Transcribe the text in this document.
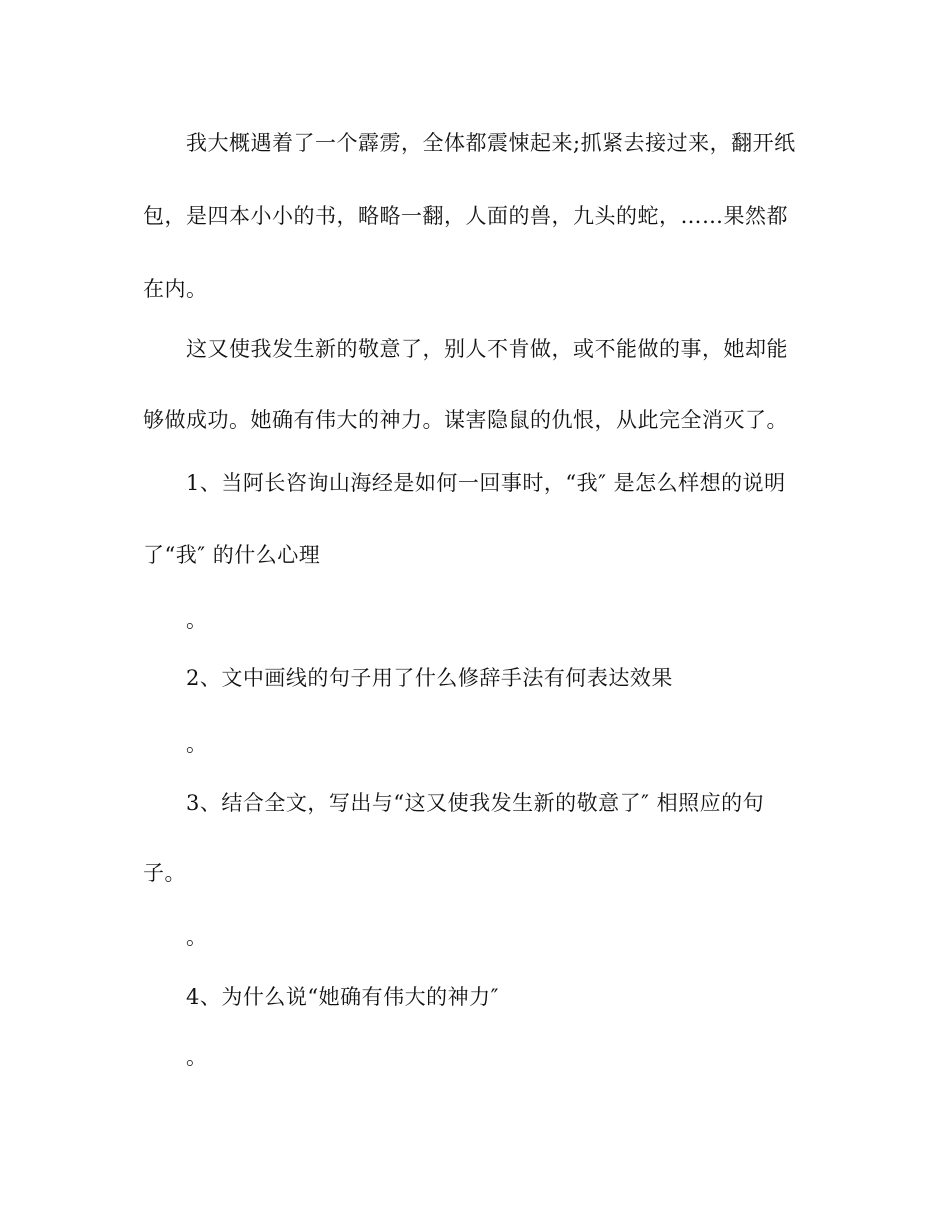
我大概遇着了一个霹雳，全体都震悚起来;抓紧去接过来，翻开纸
包，是四本小小的书，略略一翻，人面的兽，九头的蛇，……果然都
在内。
这又使我发生新的敬意了，别人不肯做，或不能做的事，她却能
够做成功。她确有伟大的神力。谋害隐鼠的仇恨，从此完全消灭了。
1、当阿长咨询山海经是如何一回事时，“我″ 是怎么样想的说明
了“我″ 的什么心理
。
2、文中画线的句子用了什么修辞手法有何表达效果
。
3、结合全文，写出与“这又使我发生新的敬意了″ 相照应的句
子。
。
4、为什么说“她确有伟大的神力″
。
